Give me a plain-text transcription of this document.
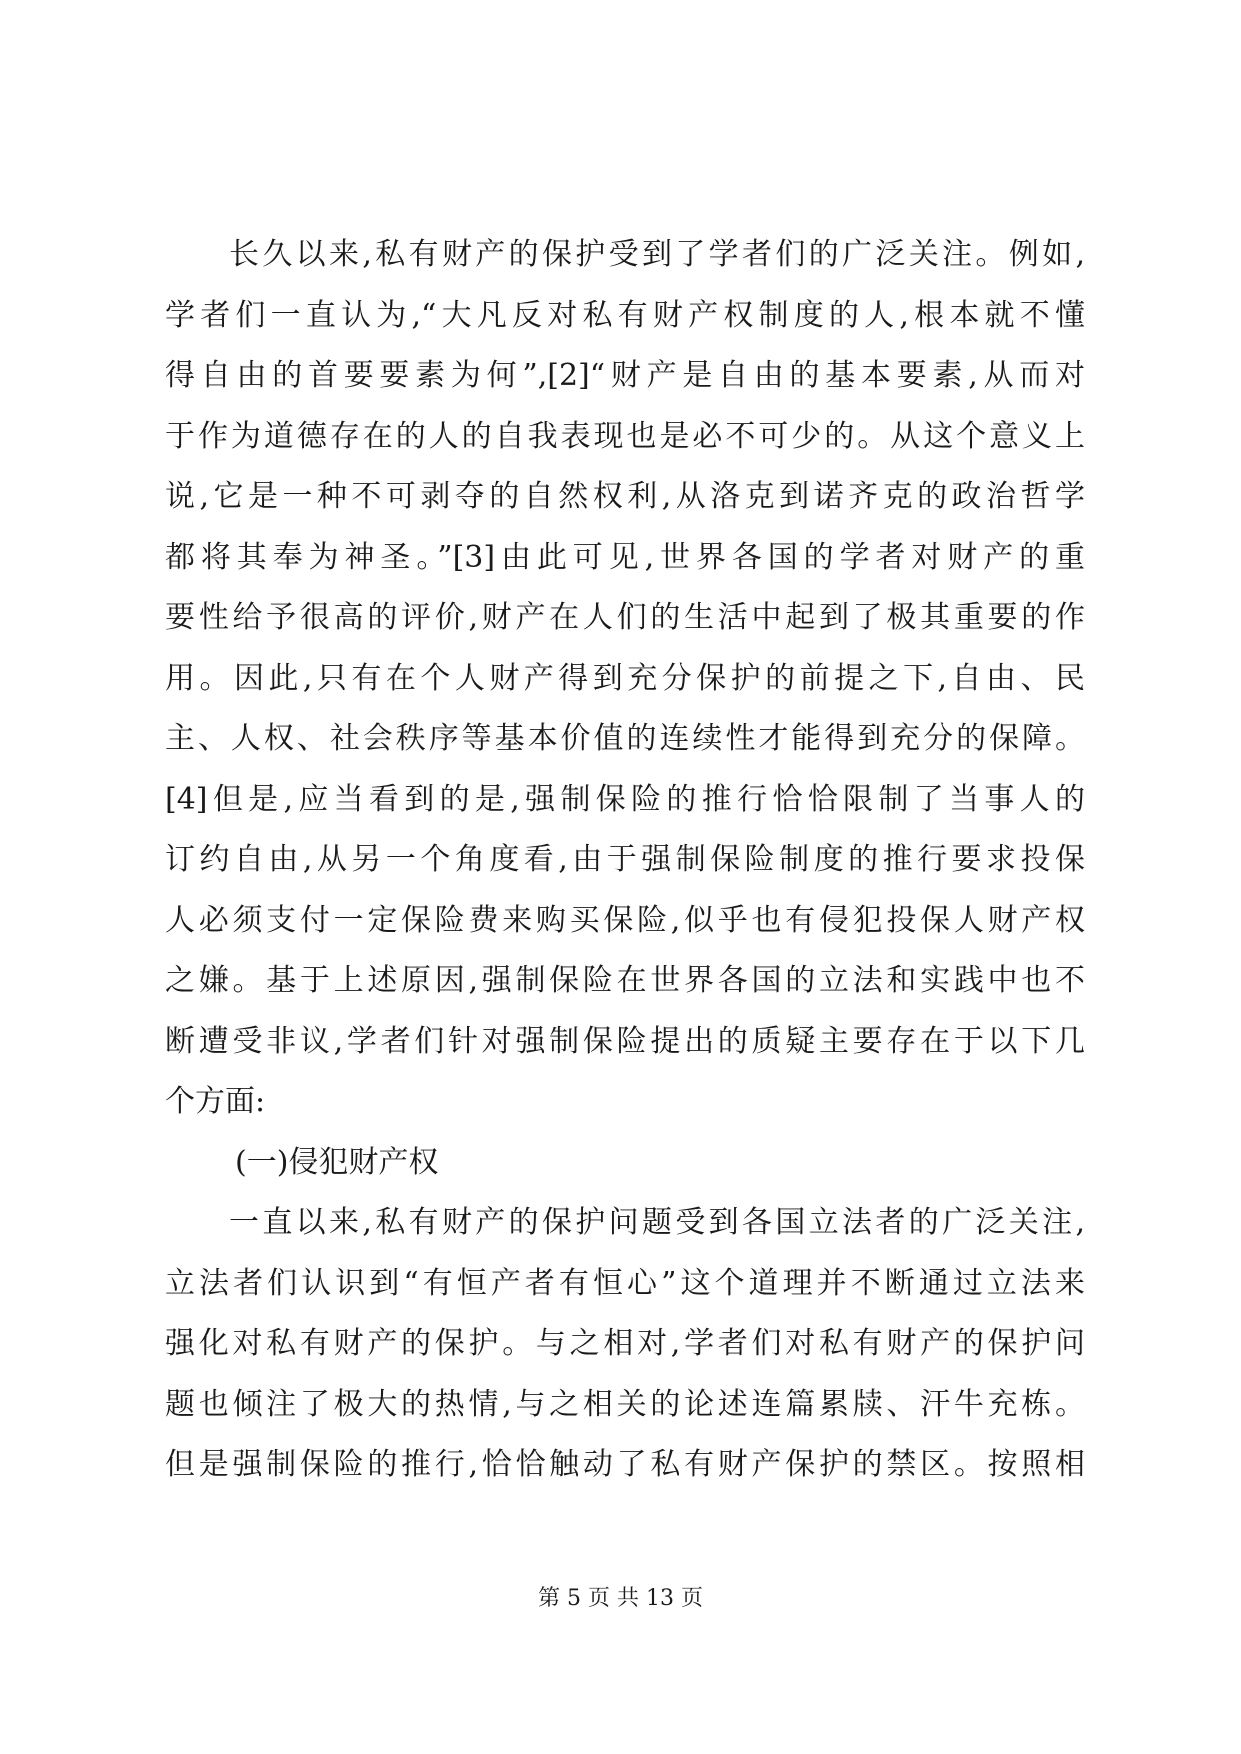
长久以来,私有财产的保护受到了学者们的广泛关注。例如,
学者们一直认为,“大凡反对私有财产权制度的人,根本就不懂
得自由的首要要素为何”,[2]“财产是自由的基本要素,从而对
于作为道德存在的人的自我表现也是必不可少的。从这个意义上
说,它是一种不可剥夺的自然权利,从洛克到诺齐克的政治哲学
都将其奉为神圣。”[3]由此可见,世界各国的学者对财产的重
要性给予很高的评价,财产在人们的生活中起到了极其重要的作
用。因此,只有在个人财产得到充分保护的前提之下,自由、民
主、人权、社会秩序等基本价值的连续性才能得到充分的保障。
[4]但是,应当看到的是,强制保险的推行恰恰限制了当事人的
订约自由,从另一个角度看,由于强制保险制度的推行要求投保
人必须支付一定保险费来购买保险,似乎也有侵犯投保人财产权
之嫌。基于上述原因,强制保险在世界各国的立法和实践中也不
断遭受非议,学者们针对强制保险提出的质疑主要存在于以下几
个方面:
(一)侵犯财产权
一直以来,私有财产的保护问题受到各国立法者的广泛关注,
立法者们认识到“有恒产者有恒心”这个道理并不断通过立法来
强化对私有财产的保护。与之相对,学者们对私有财产的保护问
题也倾注了极大的热情,与之相关的论述连篇累牍、汗牛充栋。
但是强制保险的推行,恰恰触动了私有财产保护的禁区。按照相
第 5 页 共 13 页
